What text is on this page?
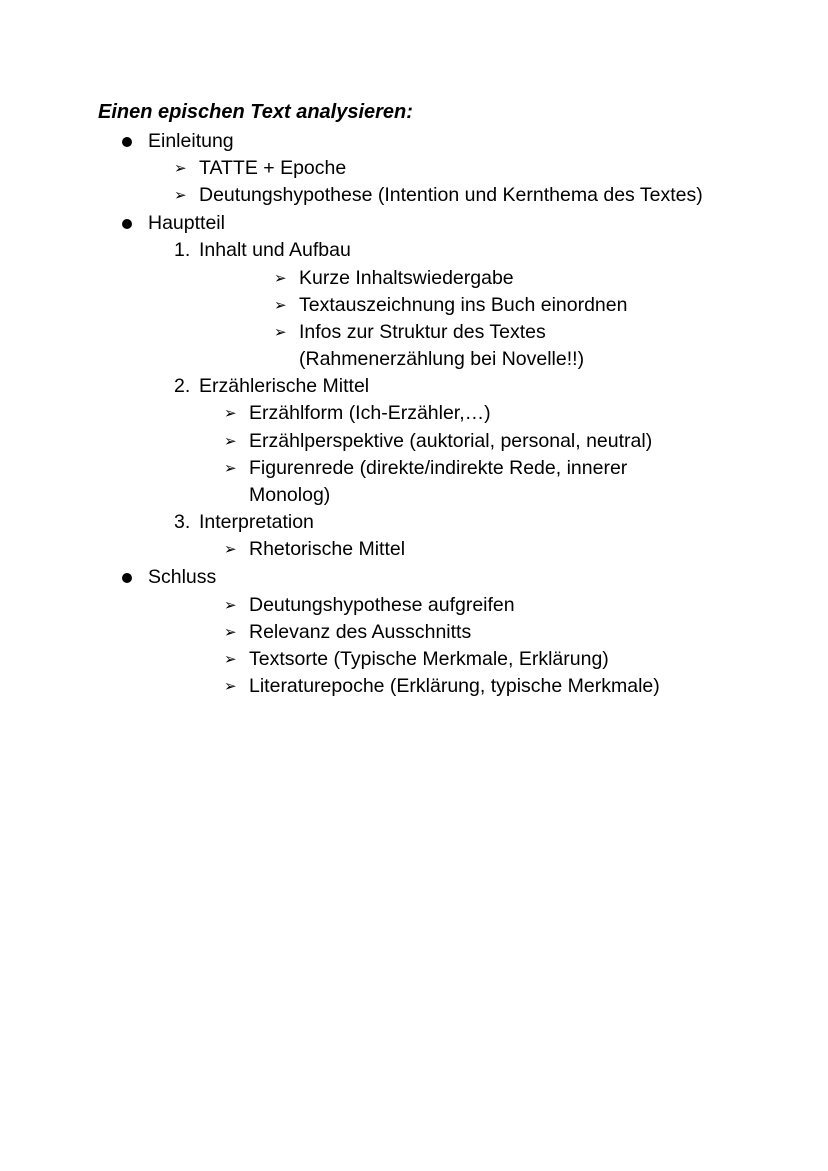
Einen epischen Text analysieren:
Einleitung
➢ TATTE + Epoche
➢ Deutungshypothese (Intention und Kernthema des Textes)
Hauptteil
1. Inhalt und Aufbau
➢ Kurze Inhaltswiedergabe
➢ Textauszeichnung ins Buch einordnen
➢ Infos zur Struktur des Textes
(Rahmenerzählung bei Novelle!!)
2. Erzählerische Mittel
➢ Erzählform (Ich-Erzähler,…)
➢ Erzählperspektive (auktorial, personal, neutral)
➢ Figurenrede (direkte/indirekte Rede, innerer
Monolog)
3. Interpretation
➢ Rhetorische Mittel
Schluss
➢ Deutungshypothese aufgreifen
➢ Relevanz des Ausschnitts
➢ Textsorte (Typische Merkmale, Erklärung)
➢ Literaturepoche (Erklärung, typische Merkmale)
